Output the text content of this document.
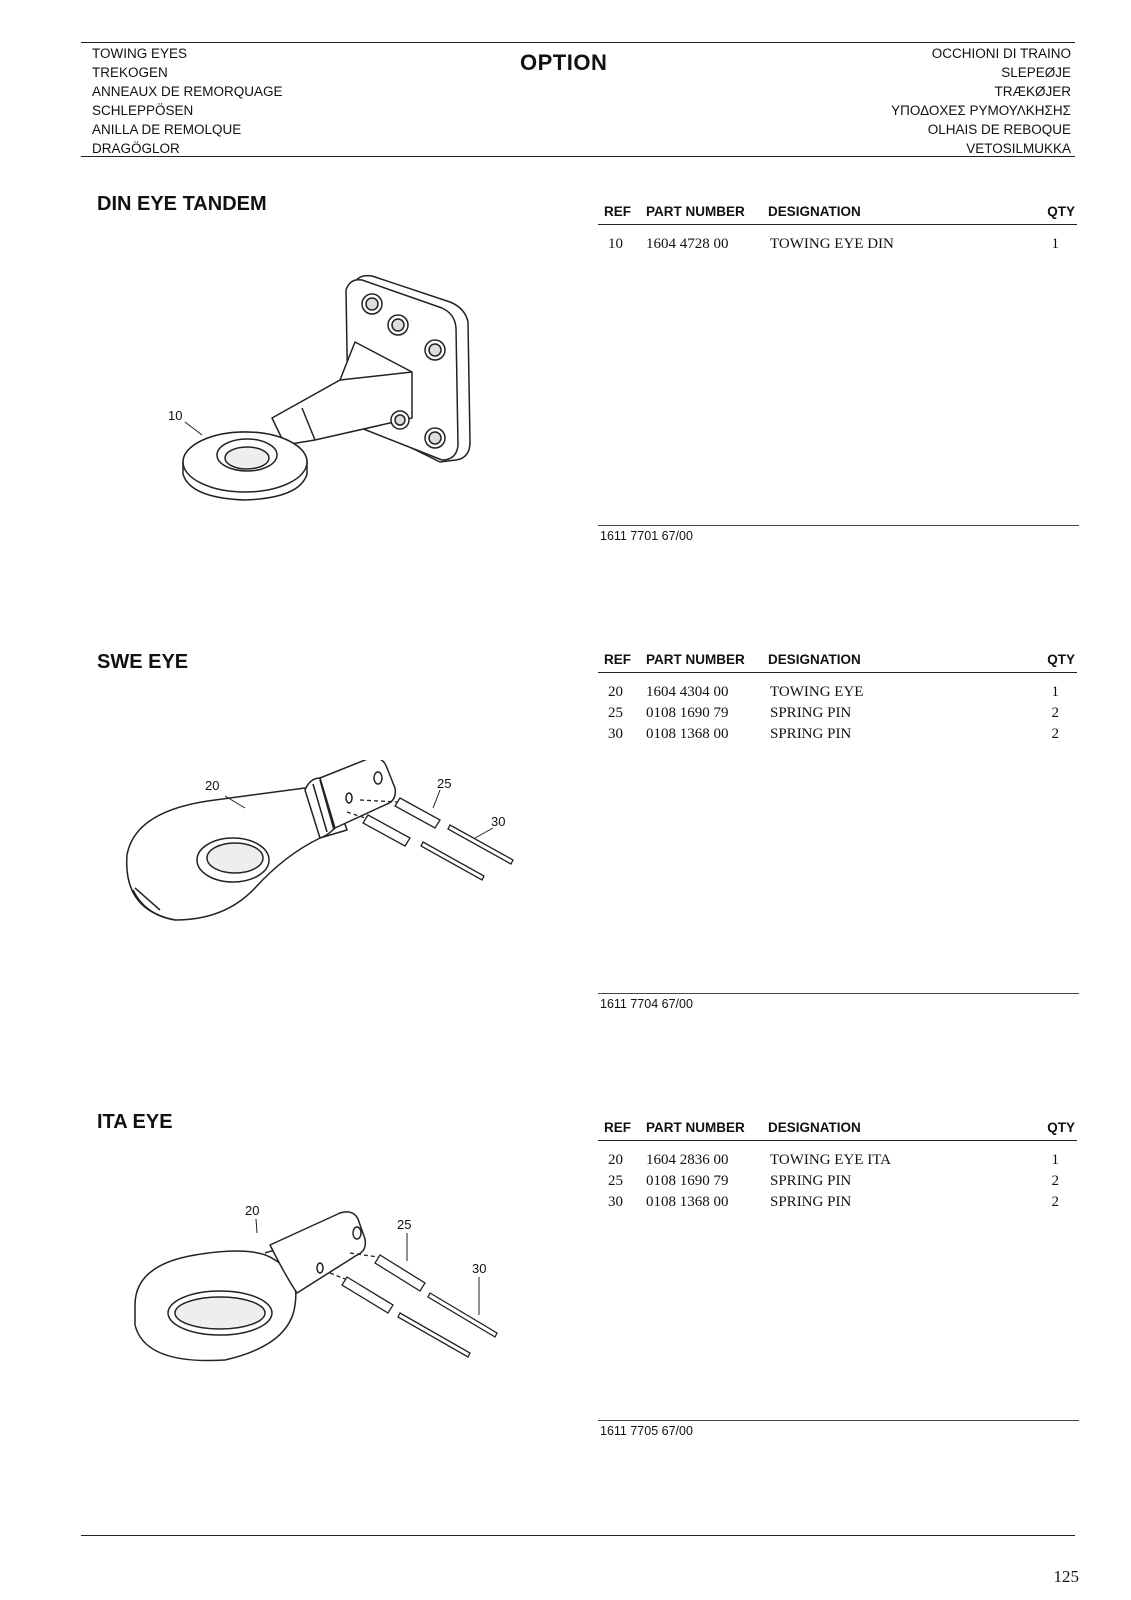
TOWING EYES
TREKOGEN
ANNEAUX DE REMORQUAGE
SCHLEPPÖSEN
ANILLA DE REMOLQUE
DRAGÖGLOR
OPTION	OCCHIONI DI TRAINO
SLEPEØJE
TRÆKØJER
ΥΠΟΔΟΧΕΣ ΡΥΜΟΥΛΚΗΣΗΣ
OLHAIS DE REBOQUE
VETOSILMUKKA
DIN EYE TANDEM	REF PART NUMBER DESIGNATION	QTY
10 1604 4728 00	TOWING EYE DIN	1
1611 7701 67/00
10
SWE EYE	REF PART NUMBER DESIGNATION	QTY
20 1604 4304 00	TOWING EYE	1
25 0108 1690 79	SPRING PIN	2
30 0108 1368 00	SPRING PIN	2
1611 7704 67/00
20	25
30
ITA EYE	REF PART NUMBER DESIGNATION	QTY
20 1604 2836 00	TOWING EYE ITA	1
25 0108 1690 79	SPRING PIN	2
30 0108 1368 00	SPRING PIN	2
1611 7705 67/00
20
25
30
125
